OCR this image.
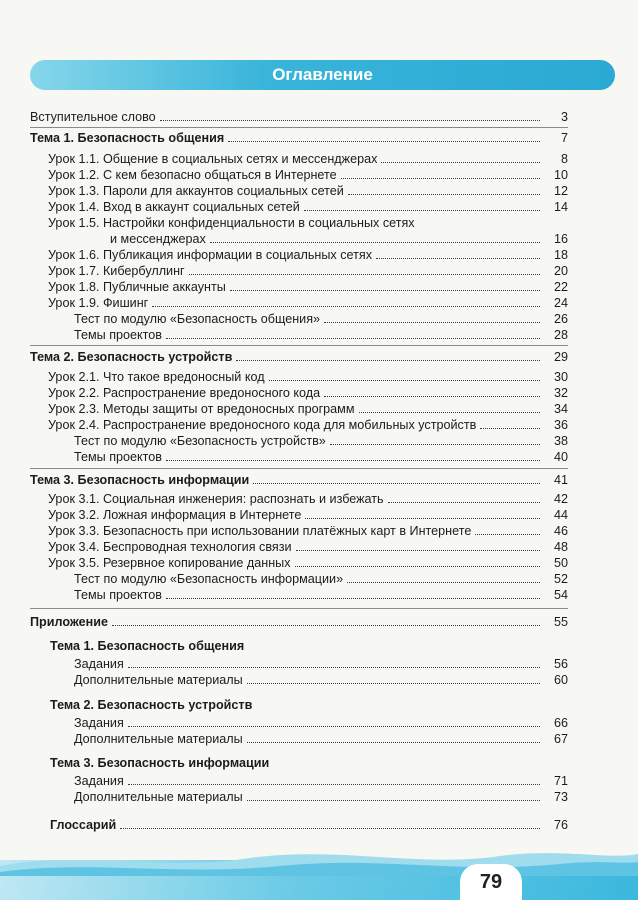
Оглавление
Вступительное слово	3
Тема 1. Безопасность общения	7
Урок 1.1. Общение в социальных сетях и мессенджерах	8
Урок 1.2. С кем безопасно общаться в Интернете	10
Урок 1.3. Пароли для аккаунтов социальных сетей	12
Урок 1.4. Вход в аккаунт социальных сетей	14
Урок 1.5. Настройки конфиденциальности в социальных сетях
и мессенджерах	16
Урок 1.6. Публикация информации в социальных сетях	18
Урок 1.7. Кибербуллинг	20
Урок 1.8. Публичные аккаунты	22
Урок 1.9. Фишинг	24
Тест по модулю «Безопасность общения»	26
Темы проектов	28
Тема 2. Безопасность устройств	29
Урок 2.1. Что такое вредоносный код	30
Урок 2.2. Распространение вредоносного кода	32
Урок 2.3. Методы защиты от вредоносных программ	34
Урок 2.4. Распространение вредоносного кода для мобильных устройств	36
Тест по модулю «Безопасность устройств»	38
Темы проектов	40
Тема 3. Безопасность информации	41
Урок 3.1. Социальная инженерия: распознать и избежать	42
Урок 3.2. Ложная информация в Интернете	44
Урок 3.3. Безопасность при использовании платёжных карт в Интернете	46
Урок 3.4. Беспроводная технология связи	48
Урок 3.5. Резервное копирование данных	50
Тест по модулю «Безопасность информации»	52
Темы проектов	54
Приложение	55
Тема 1. Безопасность общения
Задания	56
Дополнительные материалы	60
Тема 2. Безопасность устройств
Задания	66
Дополнительные материалы	67
Тема 3. Безопасность информации
Задания	71
Дополнительные материалы	73
Глоссарий	76
79
